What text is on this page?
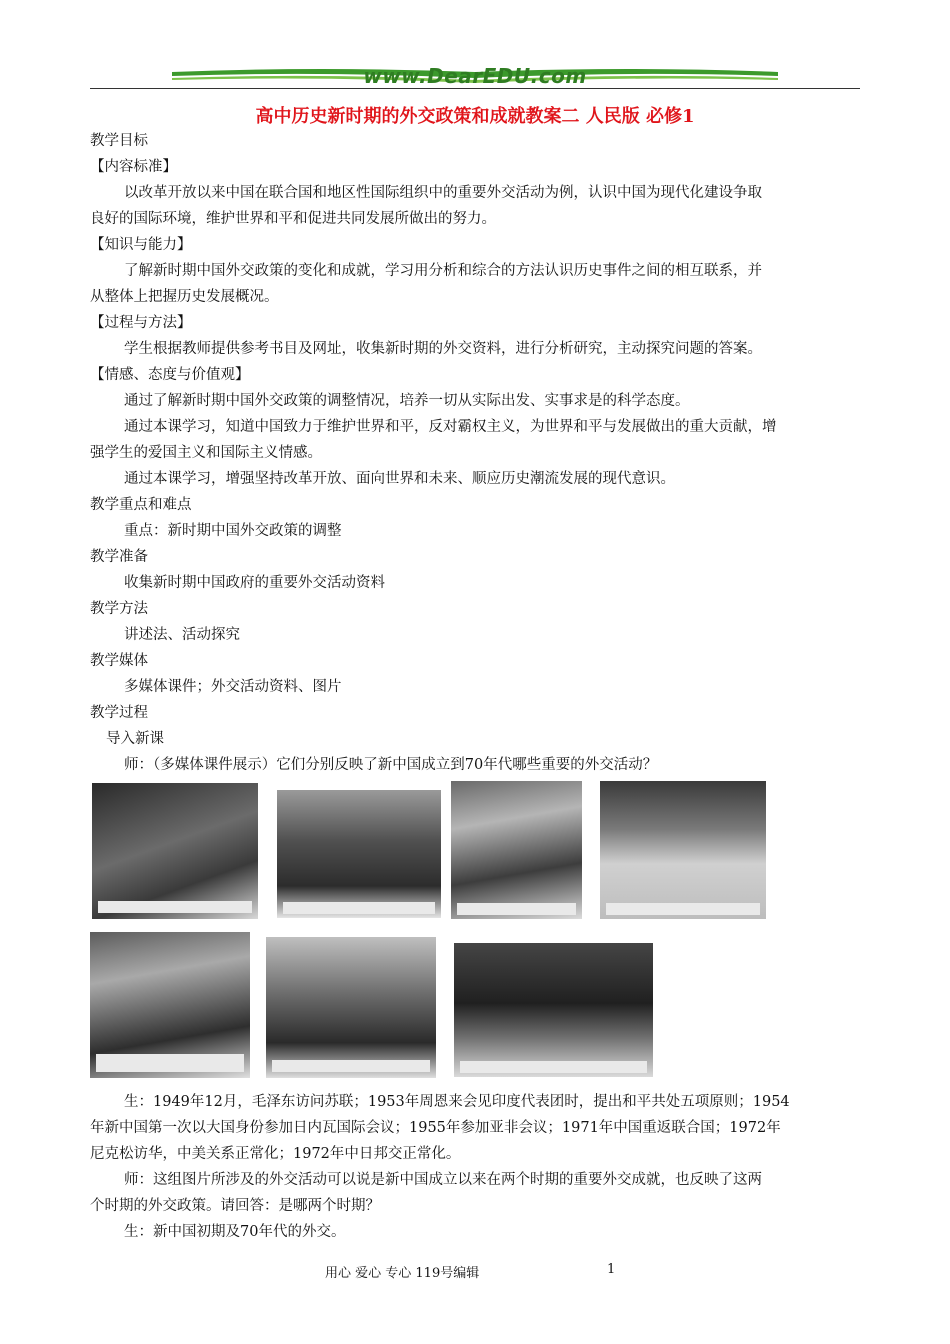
www.DearEDU.com
高中历史新时期的外交政策和成就教案二 人民版 必修1
教学目标
【内容标准】
以改革开放以来中国在联合国和地区性国际组织中的重要外交活动为例，认识中国为现代化建设争取
良好的国际环境，维护世界和平和促进共同发展所做出的努力。
【知识与能力】
了解新时期中国外交政策的变化和成就，学习用分析和综合的方法认识历史事件之间的相互联系，并
从整体上把握历史发展概况。
【过程与方法】
学生根据教师提供参考书目及网址，收集新时期的外交资料，进行分析研究，主动探究问题的答案。
【情感、态度与价值观】
通过了解新时期中国外交政策的调整情况，培养一切从实际出发、实事求是的科学态度。
通过本课学习，知道中国致力于维护世界和平，反对霸权主义，为世界和平与发展做出的重大贡献，增
强学生的爱国主义和国际主义情感。
通过本课学习，增强坚持改革开放、面向世界和未来、顺应历史潮流发展的现代意识。
教学重点和难点
重点：新时期中国外交政策的调整
教学准备
收集新时期中国政府的重要外交活动资料
教学方法
讲述法、活动探究
教学媒体
多媒体课件；外交活动资料、图片
教学过程
导入新课
师：（多媒体课件展示）它们分别反映了新中国成立到70年代哪些重要的外交活动？
生：1949年12月，毛泽东访问苏联；1953年周恩来会见印度代表团时，提出和平共处五项原则；1954
年新中国第一次以大国身份参加日内瓦国际会议；1955年参加亚非会议；1971年中国重返联合国；1972年
尼克松访华，中美关系正常化；1972年中日邦交正常化。
师：这组图片所涉及的外交活动可以说是新中国成立以来在两个时期的重要外交成就，也反映了这两
个时期的外交政策。请回答：是哪两个时期？
生：新中国初期及70年代的外交。
用心 爱心 专心 119号编辑	1
